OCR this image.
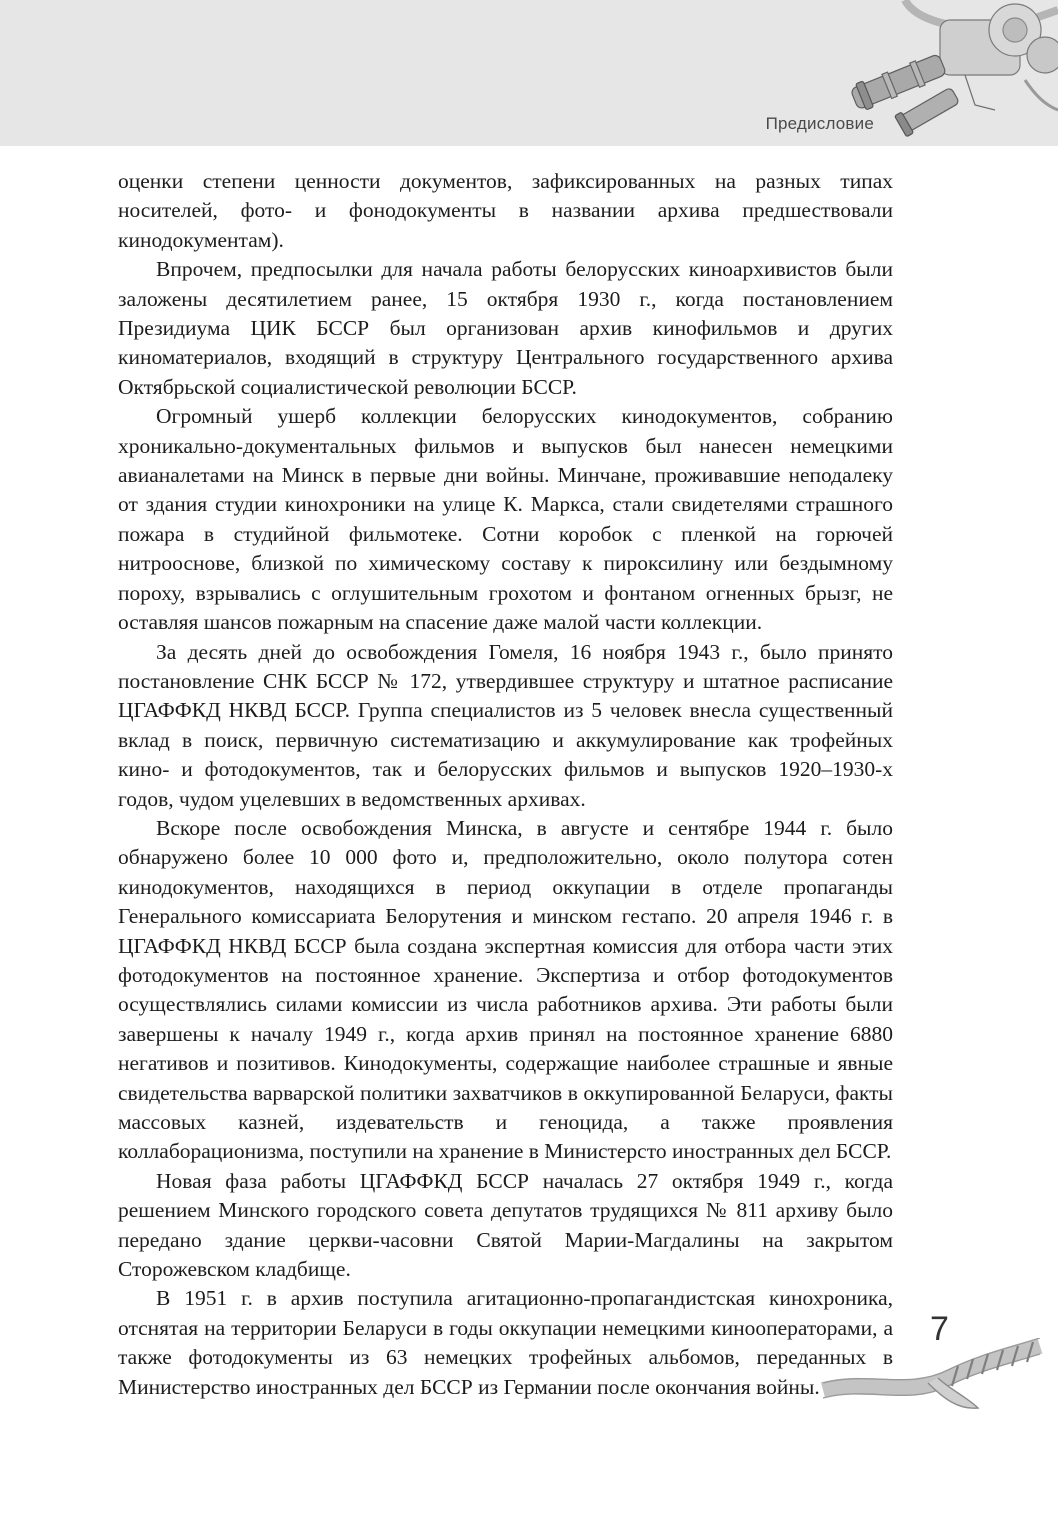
Предисловие

оценки степени ценности документов, зафиксированных на разных типах носителей, фото- и фонодокументы в названии архива предшествовали кинодокументам).

Впрочем, предпосылки для начала работы белорусских киноархивистов были заложены десятилетием ранее, 15 октября 1930 г., когда постановлением Президиума ЦИК БССР был организован архив кинофильмов и других киноматериалов, входящий в структуру Центрального государственного архива Октябрьской социалистической революции БССР.

Огромный ушерб коллекции белорусских кинодокументов, собранию хроникально-документальных фильмов и выпусков был нанесен немецкими авианалетами на Минск в первые дни войны. Минчане, проживавшие неподалеку от здания студии кинохроники на улице К. Маркса, стали свидетелями страшного пожара в студийной фильмотеке. Сотни коробок с пленкой на горючей нитрооснове, близкой по химическому составу к пироксилину или бездымному пороху, взрывались с оглушительным грохотом и фонтаном огненных брызг, не оставляя шансов пожарным на спасение даже малой части коллекции.

За десять дней до освобождения Гомеля, 16 ноября 1943 г., было принято постановление СНК БССР № 172, утвердившее структуру и штатное расписание ЦГАФФКД НКВД БССР. Группа специалистов из 5 человек внесла существенный вклад в поиск, первичную систематизацию и аккумулирование как трофейных кино- и фотодокументов, так и белорусских фильмов и выпусков 1920–1930-х годов, чудом уцелевших в ведомственных архивах.

Вскоре после освобождения Минска, в августе и сентябре 1944 г. было обнаружено более 10 000 фото и, предположительно, около полутора сотен кинодокументов, находящихся в период оккупации в отделе пропаганды Генерального комиссариата Белорутения и минском гестапо. 20 апреля 1946 г. в ЦГАФФКД НКВД БССР была создана экспертная комиссия для отбора части этих фотодокументов на постоянное хранение. Экспертиза и отбор фотодокументов осуществлялись силами комиссии из числа работников архива. Эти работы были завершены к началу 1949 г., когда архив принял на постоянное хранение 6880 негативов и позитивов. Кинодокументы, содержащие наиболее страшные и явные свидетельства варварской политики захватчиков в оккупированной Беларуси, факты массовых казней, издевательств и геноцида, а также проявления коллаборационизма, поступили на хранение в Министерсто иностранных дел БССР.

Новая фаза работы ЦГАФФКД БССР началась 27 октября 1949 г., когда решением Минского городского совета депутатов трудящихся № 811 архиву было передано здание церкви-часовни Святой Марии-Магдалины на закрытом Сторожевском кладбище.

В 1951 г. в архив поступила агитационно-пропагандистская кинохроника, отснятая на территории Беларуси в годы оккупации немецкими кинооператорами, а также фотодокументы из 63 немецких трофейных альбомов, переданных в Министерство иностранных дел БССР из Германии после окончания войны.

7
